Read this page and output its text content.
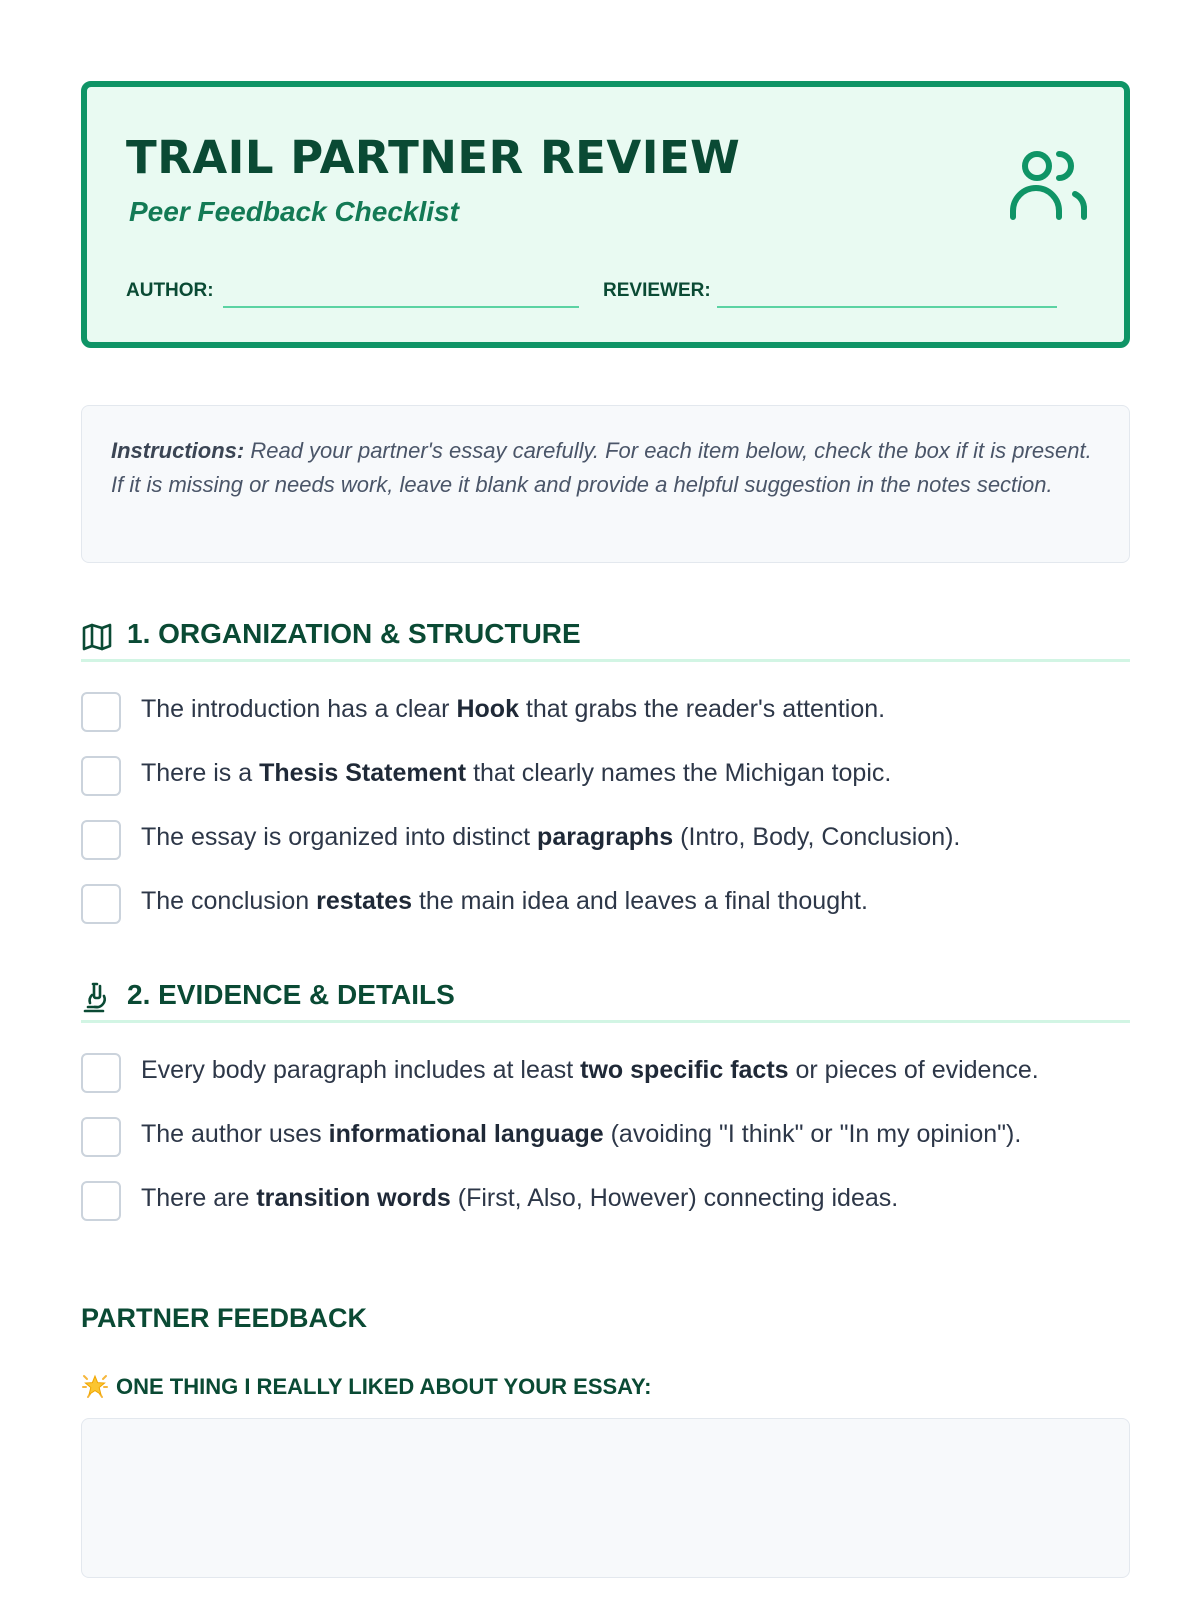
TRAIL PARTNER REVIEW
Peer Feedback Checklist
AUTHOR:	REVIEWER:
Instructions: Read your partner's essay carefully. For each item below, check the box if it is present. If it is missing or needs work, leave it blank and provide a helpful suggestion in the notes section.
1. ORGANIZATION & STRUCTURE
The introduction has a clear Hook that grabs the reader's attention.
There is a Thesis Statement that clearly names the Michigan topic.
The essay is organized into distinct paragraphs (Intro, Body, Conclusion).
The conclusion restates the main idea and leaves a final thought.
2. EVIDENCE & DETAILS
Every body paragraph includes at least two specific facts or pieces of evidence.
The author uses informational language (avoiding "I think" or "In my opinion").
There are transition words (First, Also, However) connecting ideas.
PARTNER FEEDBACK
ONE THING I REALLY LIKED ABOUT YOUR ESSAY:
